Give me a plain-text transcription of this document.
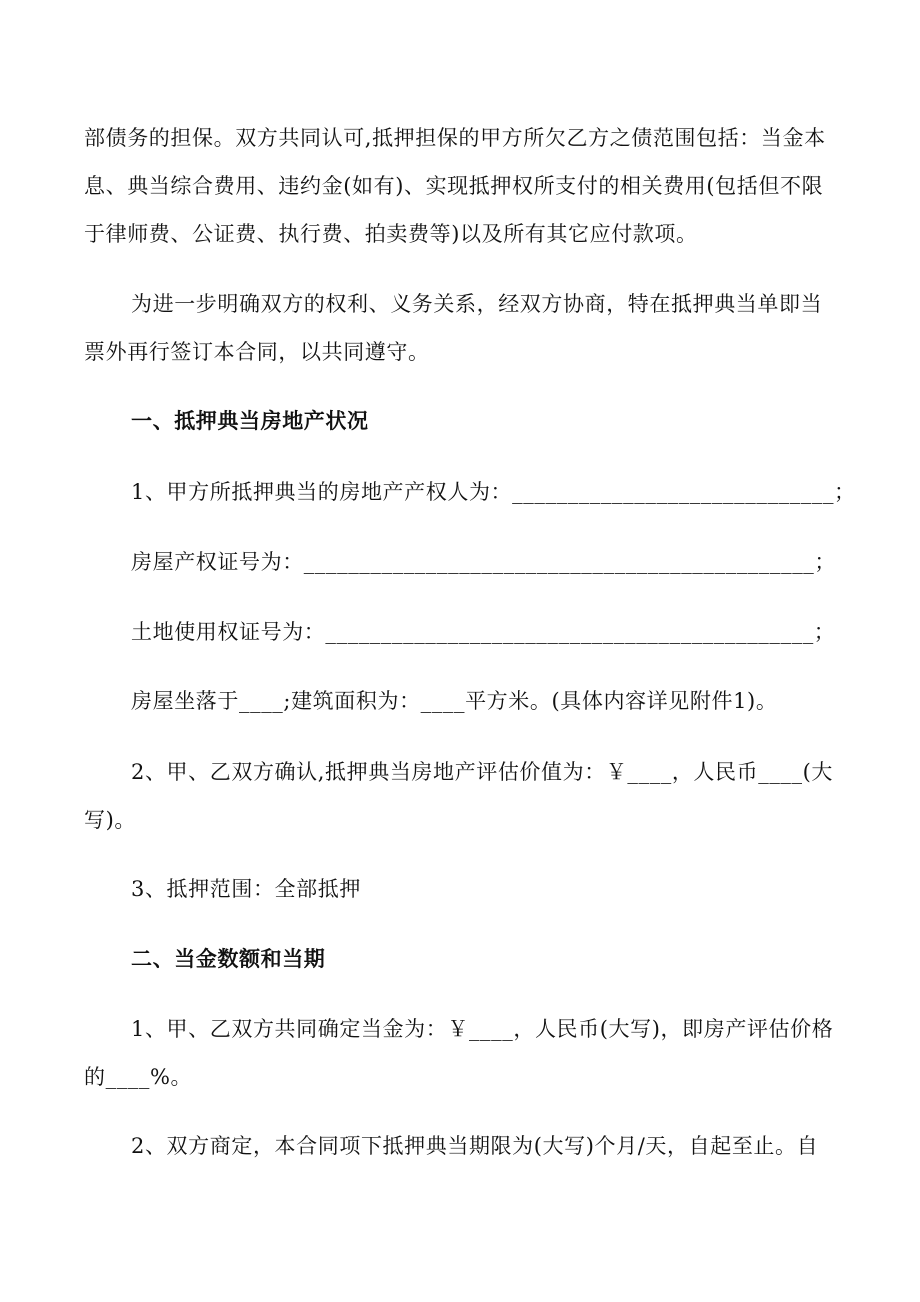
部债务的担保。双方共同认可,抵押担保的甲方所欠乙方之债范围包括：当金本
息、典当综合费用、违约金(如有)、实现抵押权所支付的相关费用(包括但不限
于律师费、公证费、执行费、拍卖费等)以及所有其它应付款项。
为进一步明确双方的权利、义务关系，经双方协商，特在抵押典当单即当
票外再行签订本合同，以共同遵守。
一、抵押典当房地产状况
1、甲方所抵押典当的房地产产权人为：_____________________________；
房屋产权证号为：______________________________________________；
土地使用权证号为：____________________________________________；
房屋坐落于____;建筑面积为：____平方米。(具体内容详见附件1)。
2、甲、乙双方确认,抵押典当房地产评估价值为：￥____，人民币____(大
写)。
3、抵押范围：全部抵押
二、当金数额和当期
1、甲、乙双方共同确定当金为：￥____，人民币(大写)，即房产评估价格
的____%。
2、双方商定，本合同项下抵押典当期限为(大写)个月/天，自起至止。自
